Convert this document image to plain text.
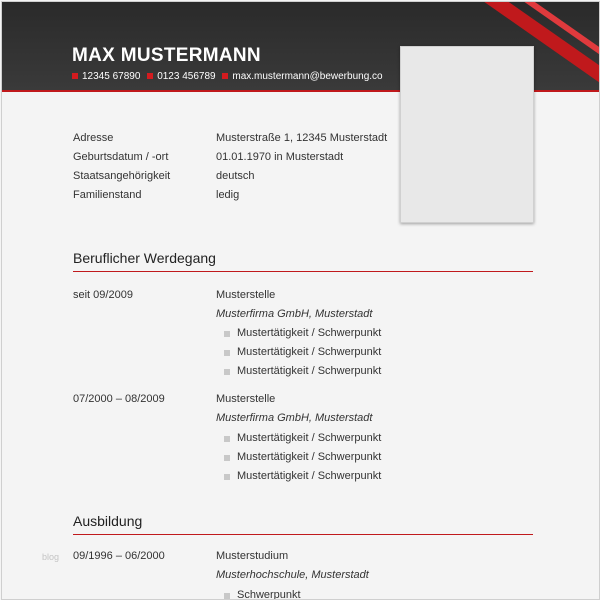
MAX MUSTERMANN
12345 67890 0123 456789 max.mustermann@bewerbung.co
Adresse	Musterstraße 1, 12345 Musterstadt
Geburtsdatum / -ort	01.01.1970 in Musterstadt
Staatsangehörigkeit	deutsch
Familienstand	ledig
Beruflicher Werdegang
seit 09/2009	Musterstelle
Musterfirma GmbH, Musterstadt
Mustertätigkeit / Schwerpunkt
Mustertätigkeit / Schwerpunkt
Mustertätigkeit / Schwerpunkt
07/2000 – 08/2009	Musterstelle
Musterfirma GmbH, Musterstadt
Mustertätigkeit / Schwerpunkt
Mustertätigkeit / Schwerpunkt
Mustertätigkeit / Schwerpunkt
Ausbildung
09/1996 – 06/2000	Musterstudium
Musterhochschule, Musterstadt
Schwerpunkt
blog
